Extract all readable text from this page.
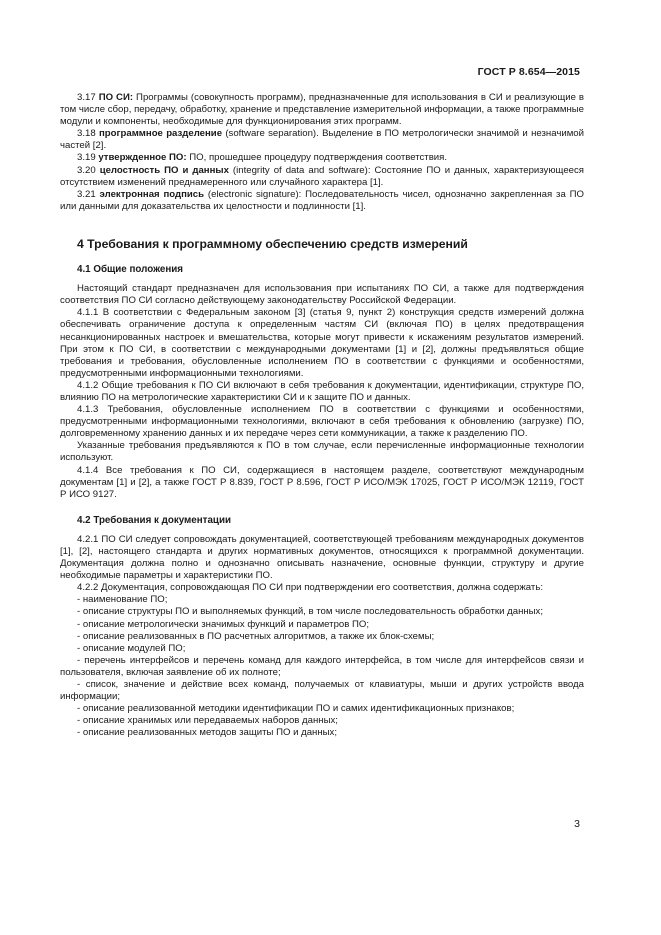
ГОСТ Р 8.654—2015

3.17 ПО СИ: Программы (совокупность программ), предназначенные для использования в СИ и реализующие в том числе сбор, передачу, обработку, хранение и представление измерительной информации, а также программные модули и компоненты, необходимые для функционирования этих программ.

3.18 программное разделение (software separation). Выделение в ПО метрологически значимой и незначимой частей [2].

3.19 утвержденное ПО: ПО, прошедшее процедуру подтверждения соответствия.

3.20 целостность ПО и данных (integrity of data and software): Состояние ПО и данных, характеризующееся отсутствием изменений преднамеренного или случайного характера [1].

3.21 электронная подпись (electronic signature): Последовательность чисел, однозначно закрепленная за ПО или данными для доказательства их целостности и подлинности [1].

4 Требования к программному обеспечению средств измерений
4.1 Общие положения

Настоящий стандарт предназначен для использования при испытаниях ПО СИ, а также для подтверждения соответствия ПО СИ согласно действующему законодательству Российской Федерации.

4.1.1 В соответствии с Федеральным законом [3] (статья 9, пункт 2) конструкция средств измерений должна обеспечивать ограничение доступа к определенным частям СИ (включая ПО) в целях предотвращения несанкционированных настроек и вмешательства, которые могут привести к искажениям результатов измерений. При этом к ПО СИ, в соответствии с международными документами [1] и [2], должны предъявляться общие требования и требования, обусловленные исполнением ПО в соответствии с функциями и особенностями, предусмотренными информационными технологиями.

4.1.2 Общие требования к ПО СИ включают в себя требования к документации, идентификации, структуре ПО, влиянию ПО на метрологические характеристики СИ и к защите ПО и данных.

4.1.3 Требования, обусловленные исполнением ПО в соответствии с функциями и особенностями, предусмотренными информационными технологиями, включают в себя требования к обновлению (загрузке) ПО, долговременному хранению данных и их передаче через сети коммуникации, а также к разделению ПО.

Указанные требования предъявляются к ПО в том случае, если перечисленные информационные технологии используют.

4.1.4 Все требования к ПО СИ, содержащиеся в настоящем разделе, соответствуют международным документам [1] и [2], а также ГОСТ Р 8.839, ГОСТ Р 8.596, ГОСТ Р ИСО/МЭК 17025, ГОСТ Р ИСО/МЭК 12119, ГОСТ Р ИСО 9127.

4.2 Требования к документации

4.2.1 ПО СИ следует сопровождать документацией, соответствующей требованиям международных документов [1], [2], настоящего стандарта и других нормативных документов, относящихся к программной документации. Документация должна полно и однозначно описывать назначение, основные функции, структуру и другие необходимые параметры и характеристики ПО.

4.2.2 Документация, сопровождающая ПО СИ при подтверждении его соответствия, должна содержать:

- наименование ПО;

- описание структуры ПО и выполняемых функций, в том числе последовательность обработки данных;

- описание метрологически значимых функций и параметров ПО;

- описание реализованных в ПО расчетных алгоритмов, а также их блок-схемы;

- описание модулей ПО;

- перечень интерфейсов и перечень команд для каждого интерфейса, в том числе для интерфейсов связи и пользователя, включая заявление об их полноте;

- список, значение и действие всех команд, получаемых от клавиатуры, мыши и других устройств ввода информации;

- описание реализованной методики идентификации ПО и самих идентификационных признаков;

- описание хранимых или передаваемых наборов данных;

- описание реализованных методов защиты ПО и данных;

3
